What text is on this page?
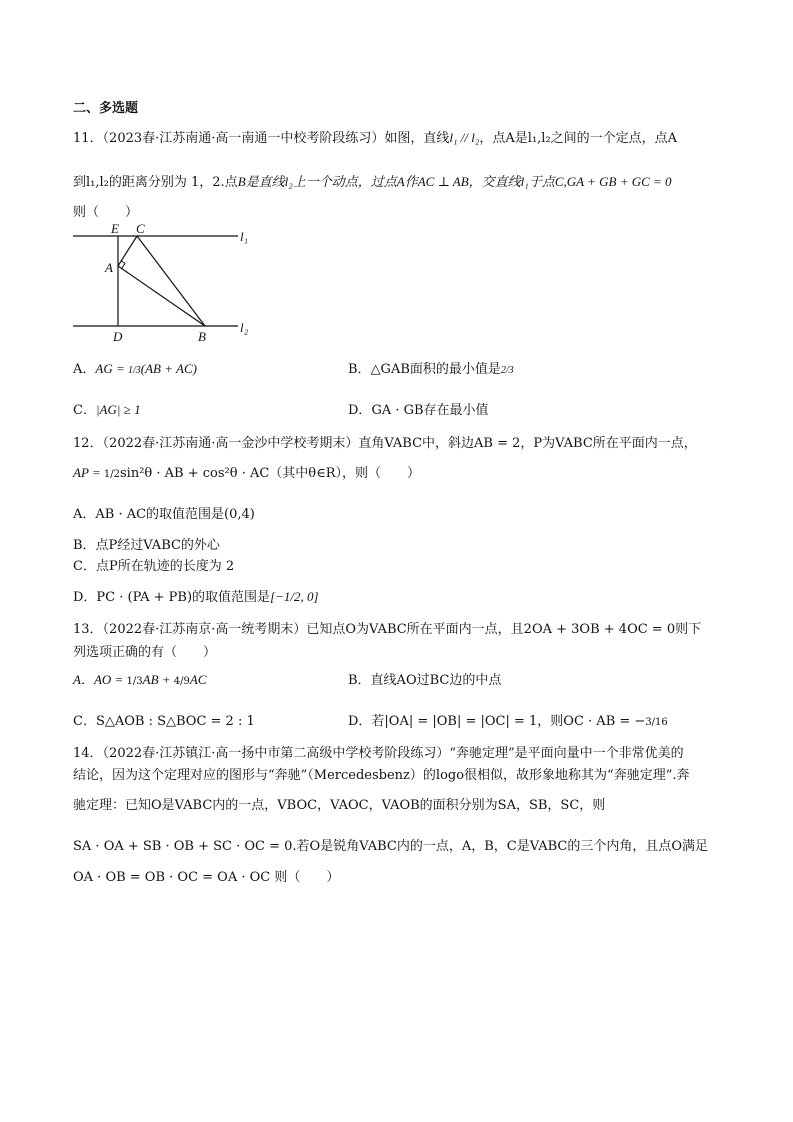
二、多选题
11．（2023春·江苏南通·高一南通一中校考阶段练习）如图，直线l₁ // l₂，点A是l₁,l₂之间的一个定点，点A
到l₁,l₂的距离分别为 1，2.点B是直线l₂上一个动点，过点A作AC ⊥ AB，交直线l₁于点C,GA + GB + GC = 0
则（　　）
E C
A
D	B
l₁
l₂
A．AG = 1/3(AB + AC)	B．△GAB面积的最小值是2/3
C．|AG| ≥ 1	D．GA · GB存在最小值
12．（2022春·江苏南通·高一金沙中学校考期末）直角VABC中，斜边AB = 2，P为VABC所在平面内一点，
AP = 1/2sin²θ · AB + cos²θ · AC（其中θ∈R），则（　　）
A．AB · AC的取值范围是(0,4)
B．点P经过VABC的外心
C．点P所在轨迹的长度为 2
D．PC · (PA + PB)的取值范围是[−1/2, 0]
13．（2022春·江苏南京·高一统考期末）已知点O为VABC所在平面内一点，且2OA + 3OB + 4OC = 0则下
列选项正确的有（　　）
A．AO = 1/3AB + 4/9AC	B．直线AO过BC边的中点
C．S△AOB : S△BOC = 2 : 1	D．若|OA| = |OB| = |OC| = 1，则OC · AB = −3/16
14．（2022春·江苏镇江·高一扬中市第二高级中学校考阶段练习）“奔驰定理”是平面向量中一个非常优美的
结论，因为这个定理对应的图形与“奔驰”（Mercedesbenz）的logo很相似，故形象地称其为“奔驰定理”.奔
驰定理：已知O是VABC内的一点，VBOC，VAOC，VAOB的面积分别为SA，SB，SC，则
SA · OA + SB · OB + SC · OC = 0.若O是锐角VABC内的一点，A，B，C是VABC的三个内角，且点O满足
OA · OB = OB · OC = OA · OC 则（　　）
